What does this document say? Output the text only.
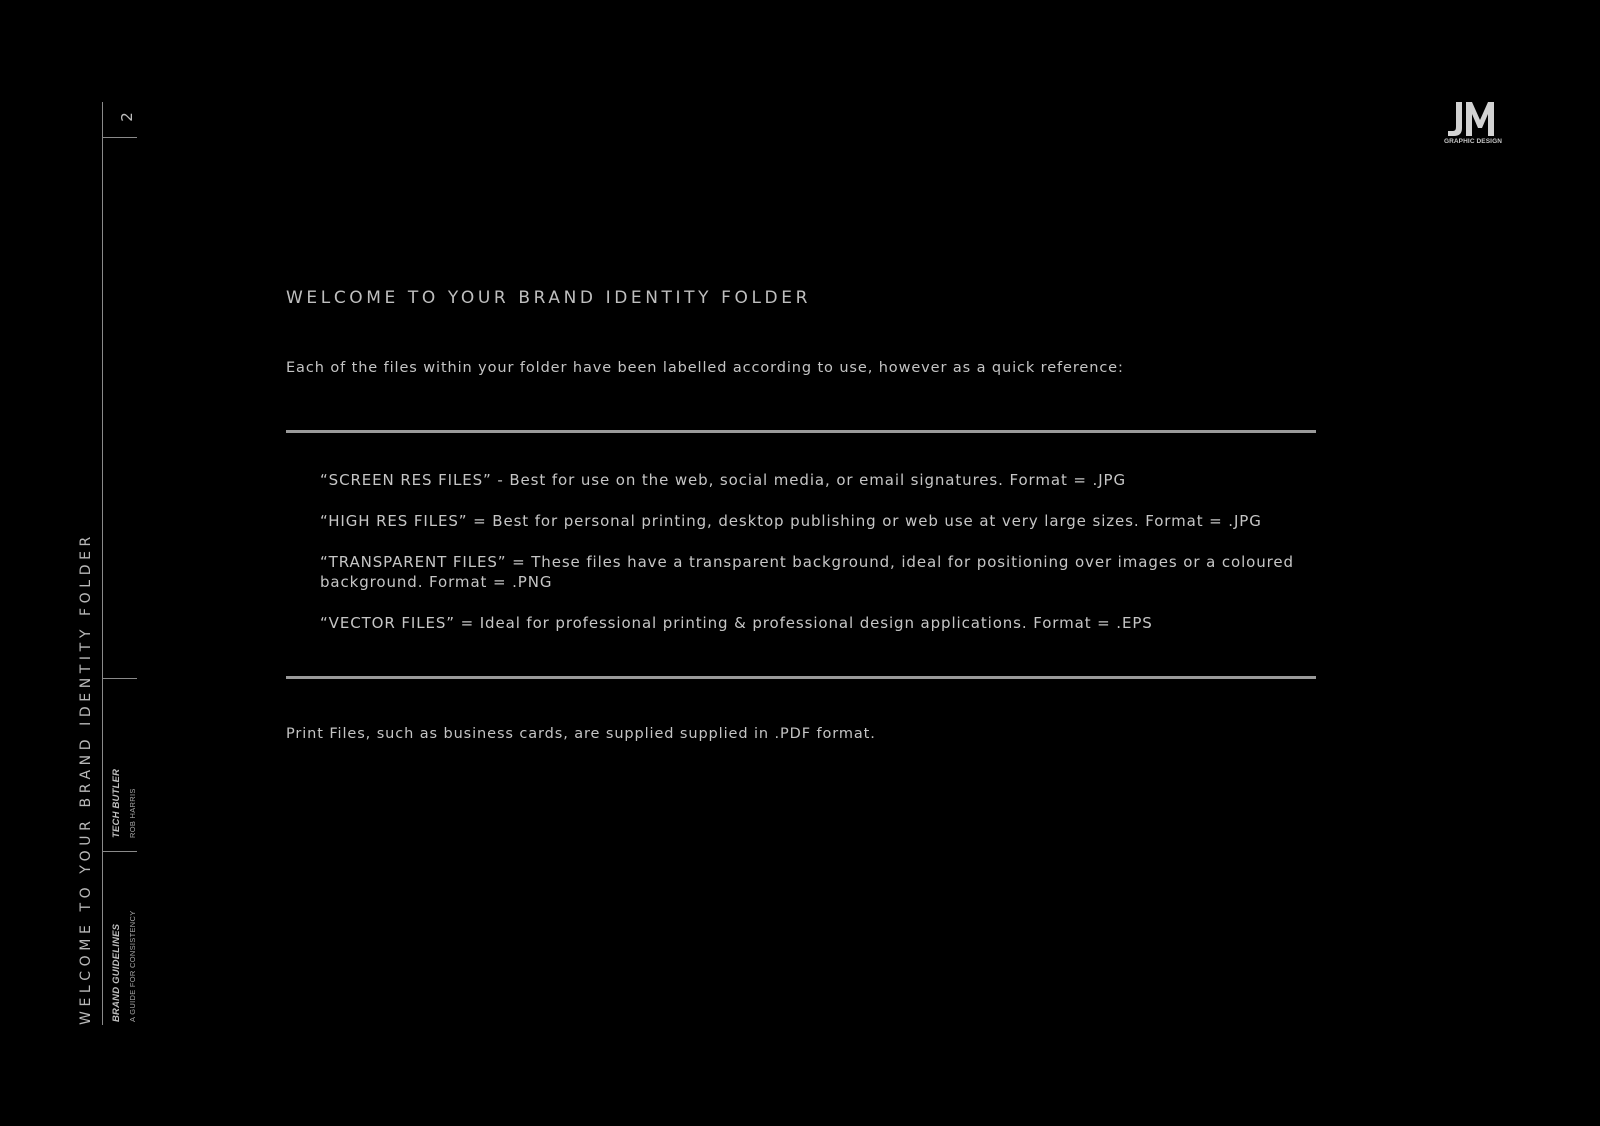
2
WELCOME TO YOUR BRAND IDENTITY FOLDER TECH BUTLER ROB HARRIS
BRAND GUIDELINES A GUIDE FOR CONSISTENCY
GRAPHIC DESIGN
WELCOME TO YOUR BRAND IDENTITY FOLDER
Each of the files within your folder have been labelled according to use, however as a quick reference:
“SCREEN RES FILES” - Best for use on the web, social media, or email signatures. Format = .JPG
“HIGH RES FILES” = Best for personal printing, desktop publishing or web use at very large sizes. Format = .JPG
“TRANSPARENT FILES” = These files have a transparent background, ideal for positioning over images or a coloured background. Format = .PNG
“VECTOR FILES” = Ideal for professional printing & professional design applications. Format = .EPS
Print Files, such as business cards, are supplied supplied in .PDF format.
